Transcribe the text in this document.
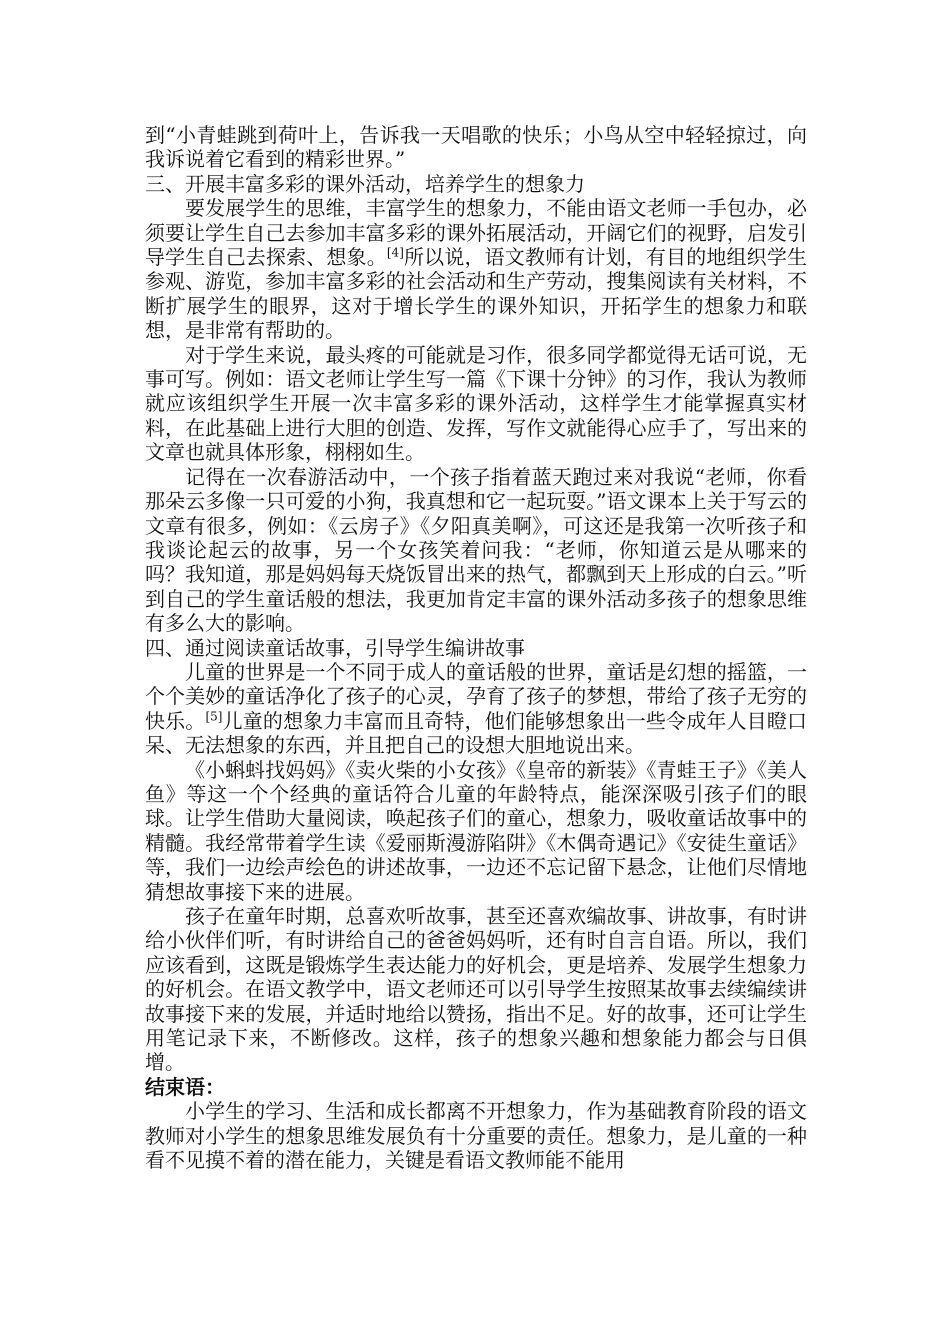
到“小青蛙跳到荷叶上，告诉我一天唱歌的快乐；小鸟从空中轻轻掠过，向我诉说着它看到的精彩世界。”

三、开展丰富多彩的课外活动，培养学生的想象力

要发展学生的思维，丰富学生的想象力，不能由语文老师一手包办，必须要让学生自己去参加丰富多彩的课外拓展活动，开阔它们的视野，启发引导学生自己去探索、想象。[4]所以说，语文教师有计划，有目的地组织学生参观、游览，参加丰富多彩的社会活动和生产劳动，搜集阅读有关材料，不断扩展学生的眼界，这对于增长学生的课外知识，开拓学生的想象力和联想，是非常有帮助的。

对于学生来说，最头疼的可能就是习作，很多同学都觉得无话可说，无事可写。例如：语文老师让学生写一篇《下课十分钟》的习作，我认为教师就应该组织学生开展一次丰富多彩的课外活动，这样学生才能掌握真实材料，在此基础上进行大胆的创造、发挥，写作文就能得心应手了，写出来的文章也就具体形象，栩栩如生。

记得在一次春游活动中，一个孩子指着蓝天跑过来对我说“老师，你看那朵云多像一只可爱的小狗，我真想和它一起玩耍。”语文课本上关于写云的文章有很多，例如：《云房子》《夕阳真美啊》，可这还是我第一次听孩子和我谈论起云的故事，另一个女孩笑着问我：“老师，你知道云是从哪来的吗？我知道，那是妈妈每天烧饭冒出来的热气，都飘到天上形成的白云。”听到自己的学生童话般的想法，我更加肯定丰富的课外活动多孩子的想象思维有多么大的影响。

四、通过阅读童话故事，引导学生编讲故事

儿童的世界是一个不同于成人的童话般的世界，童话是幻想的摇篮，一个个美妙的童话净化了孩子的心灵，孕育了孩子的梦想，带给了孩子无穷的快乐。[5]儿童的想象力丰富而且奇特，他们能够想象出一些令成年人目瞪口呆、无法想象的东西，并且把自己的设想大胆地说出来。

《小蝌蚪找妈妈》《卖火柴的小女孩》《皇帝的新装》《青蛙王子》《美人鱼》等这一个个经典的童话符合儿童的年龄特点，能深深吸引孩子们的眼球。让学生借助大量阅读，唤起孩子们的童心，想象力，吸收童话故事中的精髓。我经常带着学生读《爱丽斯漫游陷阱》《木偶奇遇记》《安徒生童话》等，我们一边绘声绘色的讲述故事，一边还不忘记留下悬念，让他们尽情地猜想故事接下来的进展。

孩子在童年时期，总喜欢听故事，甚至还喜欢编故事、讲故事，有时讲给小伙伴们听，有时讲给自己的爸爸妈妈听，还有时自言自语。所以，我们应该看到，这既是锻炼学生表达能力的好机会，更是培养、发展学生想象力的好机会。在语文教学中，语文老师还可以引导学生按照某故事去续编续讲故事接下来的发展，并适时地给以赞扬，指出不足。好的故事，还可让学生用笔记录下来，不断修改。这样，孩子的想象兴趣和想象能力都会与日俱增。

结束语：

小学生的学习、生活和成长都离不开想象力，作为基础教育阶段的语文教师对小学生的想象思维发展负有十分重要的责任。想象力，是儿童的一种看不见摸不着的潜在能力，关键是看语文教师能不能用
